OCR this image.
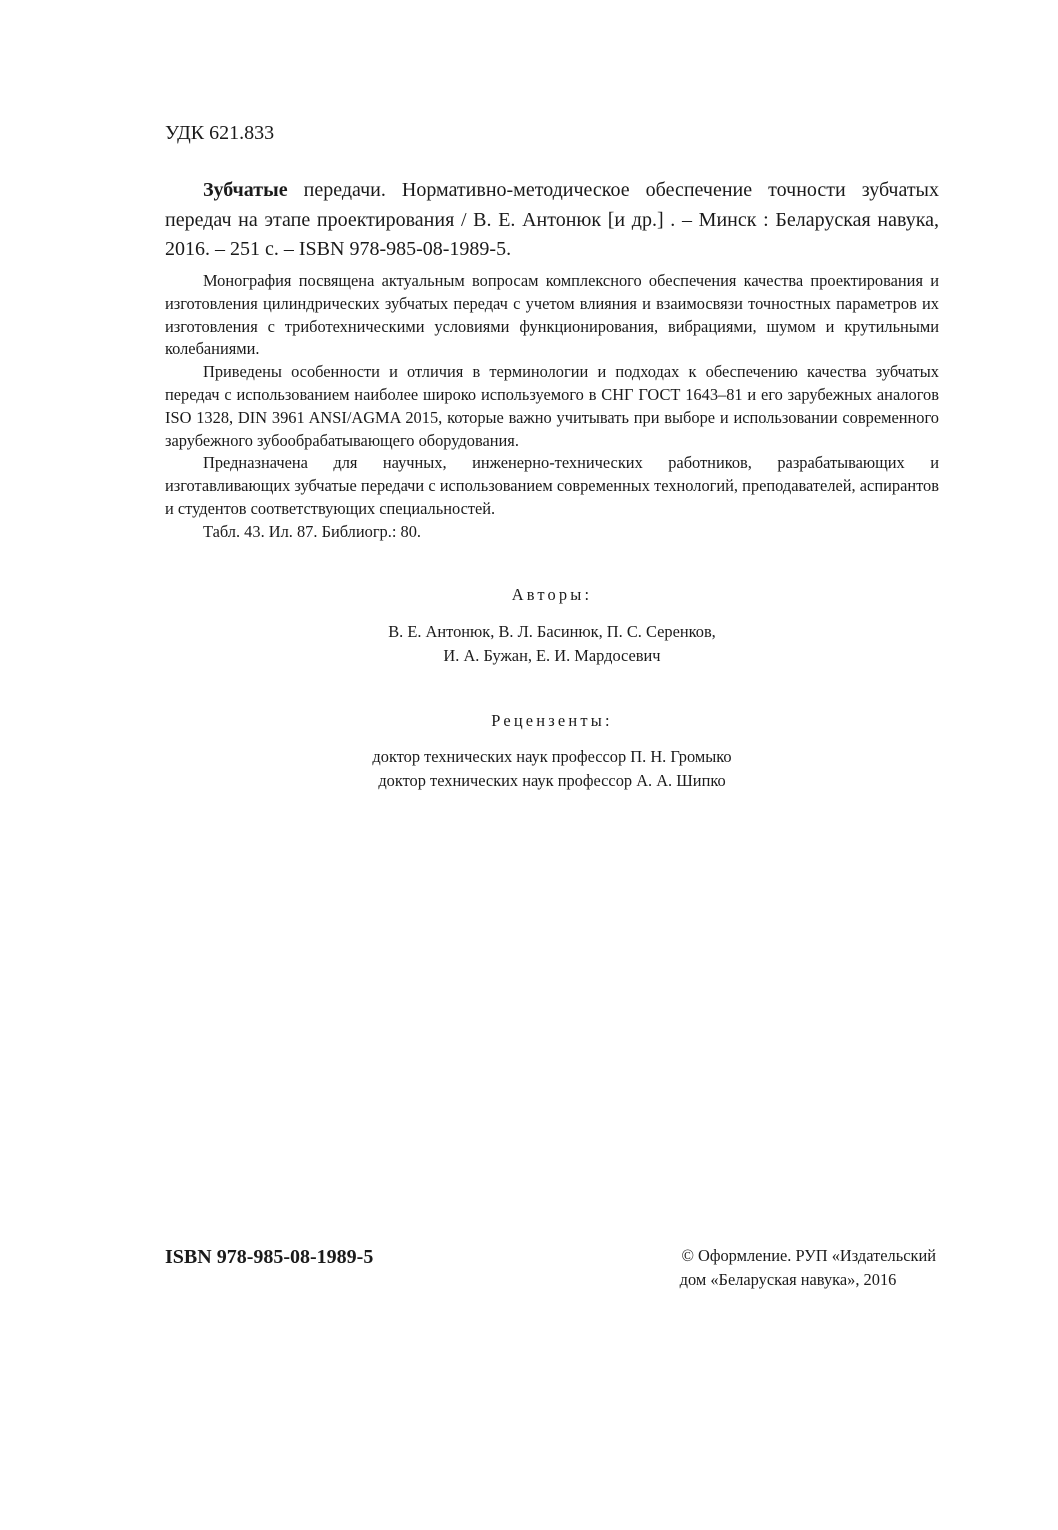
УДК 621.833
Зубчатые передачи. Нормативно-методическое обеспечение точности зубчатых передач на этапе проектирования / В. Е. Антонюк [и др.] . – Минск : Беларуская навука, 2016. – 251 с. – ISBN 978-985-08-1989-5.

Монография посвящена актуальным вопросам комплексного обеспечения качества проектирования и изготовления цилиндрических зубчатых передач с учетом влияния и взаимосвязи точностных параметров их изготовления с триботехническими условиями функционирования, вибрациями, шумом и крутильными колебаниями.

Приведены особенности и отличия в терминологии и подходах к обеспечению качества зубчатых передач с использованием наиболее широко используемого в СНГ ГОСТ 1643–81 и его зарубежных аналогов ISO 1328, DIN 3961 ANSI/AGMA 2015, которые важно учитывать при выборе и использовании современного зарубежного зубообрабатывающего оборудования.

Предназначена для научных, инженерно-технических работников, разрабатывающих и изготавливающих зубчатые передачи с использованием современных технологий, преподавателей, аспирантов и студентов соответствующих специальностей.

Табл. 43. Ил. 87. Библиогр.: 80.

Авторы:
В. Е. Антонюк, В. Л. Басинюк, П. С. Серенков,
И. А. Бужан, Е. И. Мардосевич
Рецензенты:
доктор технических наук профессор П. Н. Громыко
доктор технических наук профессор А. А. Шипко
ISBN 978-985-08-1989-5	© Оформление. РУП «Издательский
дом «Беларуская навука», 2016
